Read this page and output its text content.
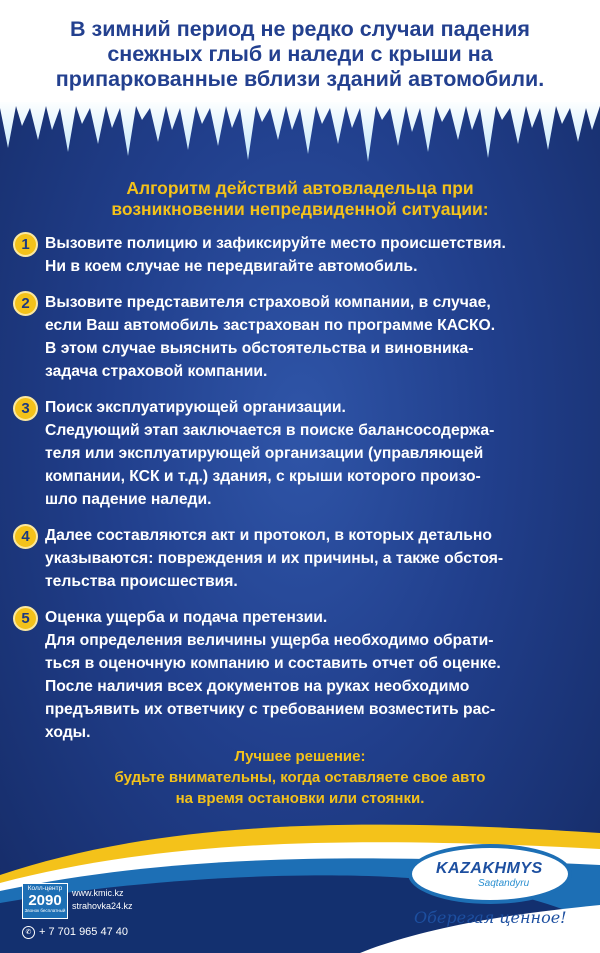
В зимний период не редко случаи падения
снежных глыб и наледи с крыши на
припаркованные вблизи зданий автомобили.

Алгоритм действий автовладельца при
возникновении непредвиденной ситуации:

1 Вызовите полицию и зафиксируйте место происшетствия.
Ни в коем случае не передвигайте автомобиль.

2 Вызовите представителя страховой компании, в случае,
если Ваш автомобиль застрахован по программе КАСКО.
В этом случае выяснить обстоятельства и виновника-
задача страховой компании.

3 Поиск эксплуатирующей организации.
Следующий этап заключается в поиске балансосодержа-
теля или эксплуатирующей организации (управляющей
компании, КСК и т.д.) здания, с крыши которого произо-
шло падение наледи.

4 Далее составляются акт и протокол, в которых детально
указываются: повреждения и их причины, а также обстоя-
тельства происшествия.

5 Оценка ущерба и подача претензии.
Для определения величины ущерба необходимо обрати-
ться в оценочную компанию и составить отчет об оценке.
После наличия всех документов на руках необходимо
предъявить их ответчику с требованием возместить рас-
ходы.

Лучшее решение:
будьте внимательны, когда оставляете свое авто
на время остановки или стоянки.

Колл-центр
2090
Звонок бесплатный
www.kmic.kz
strahovka24.kz
✆ + 7 701 965 47 40
KAZAKHMYS
Saqtandyru
Оберегая ценное!
